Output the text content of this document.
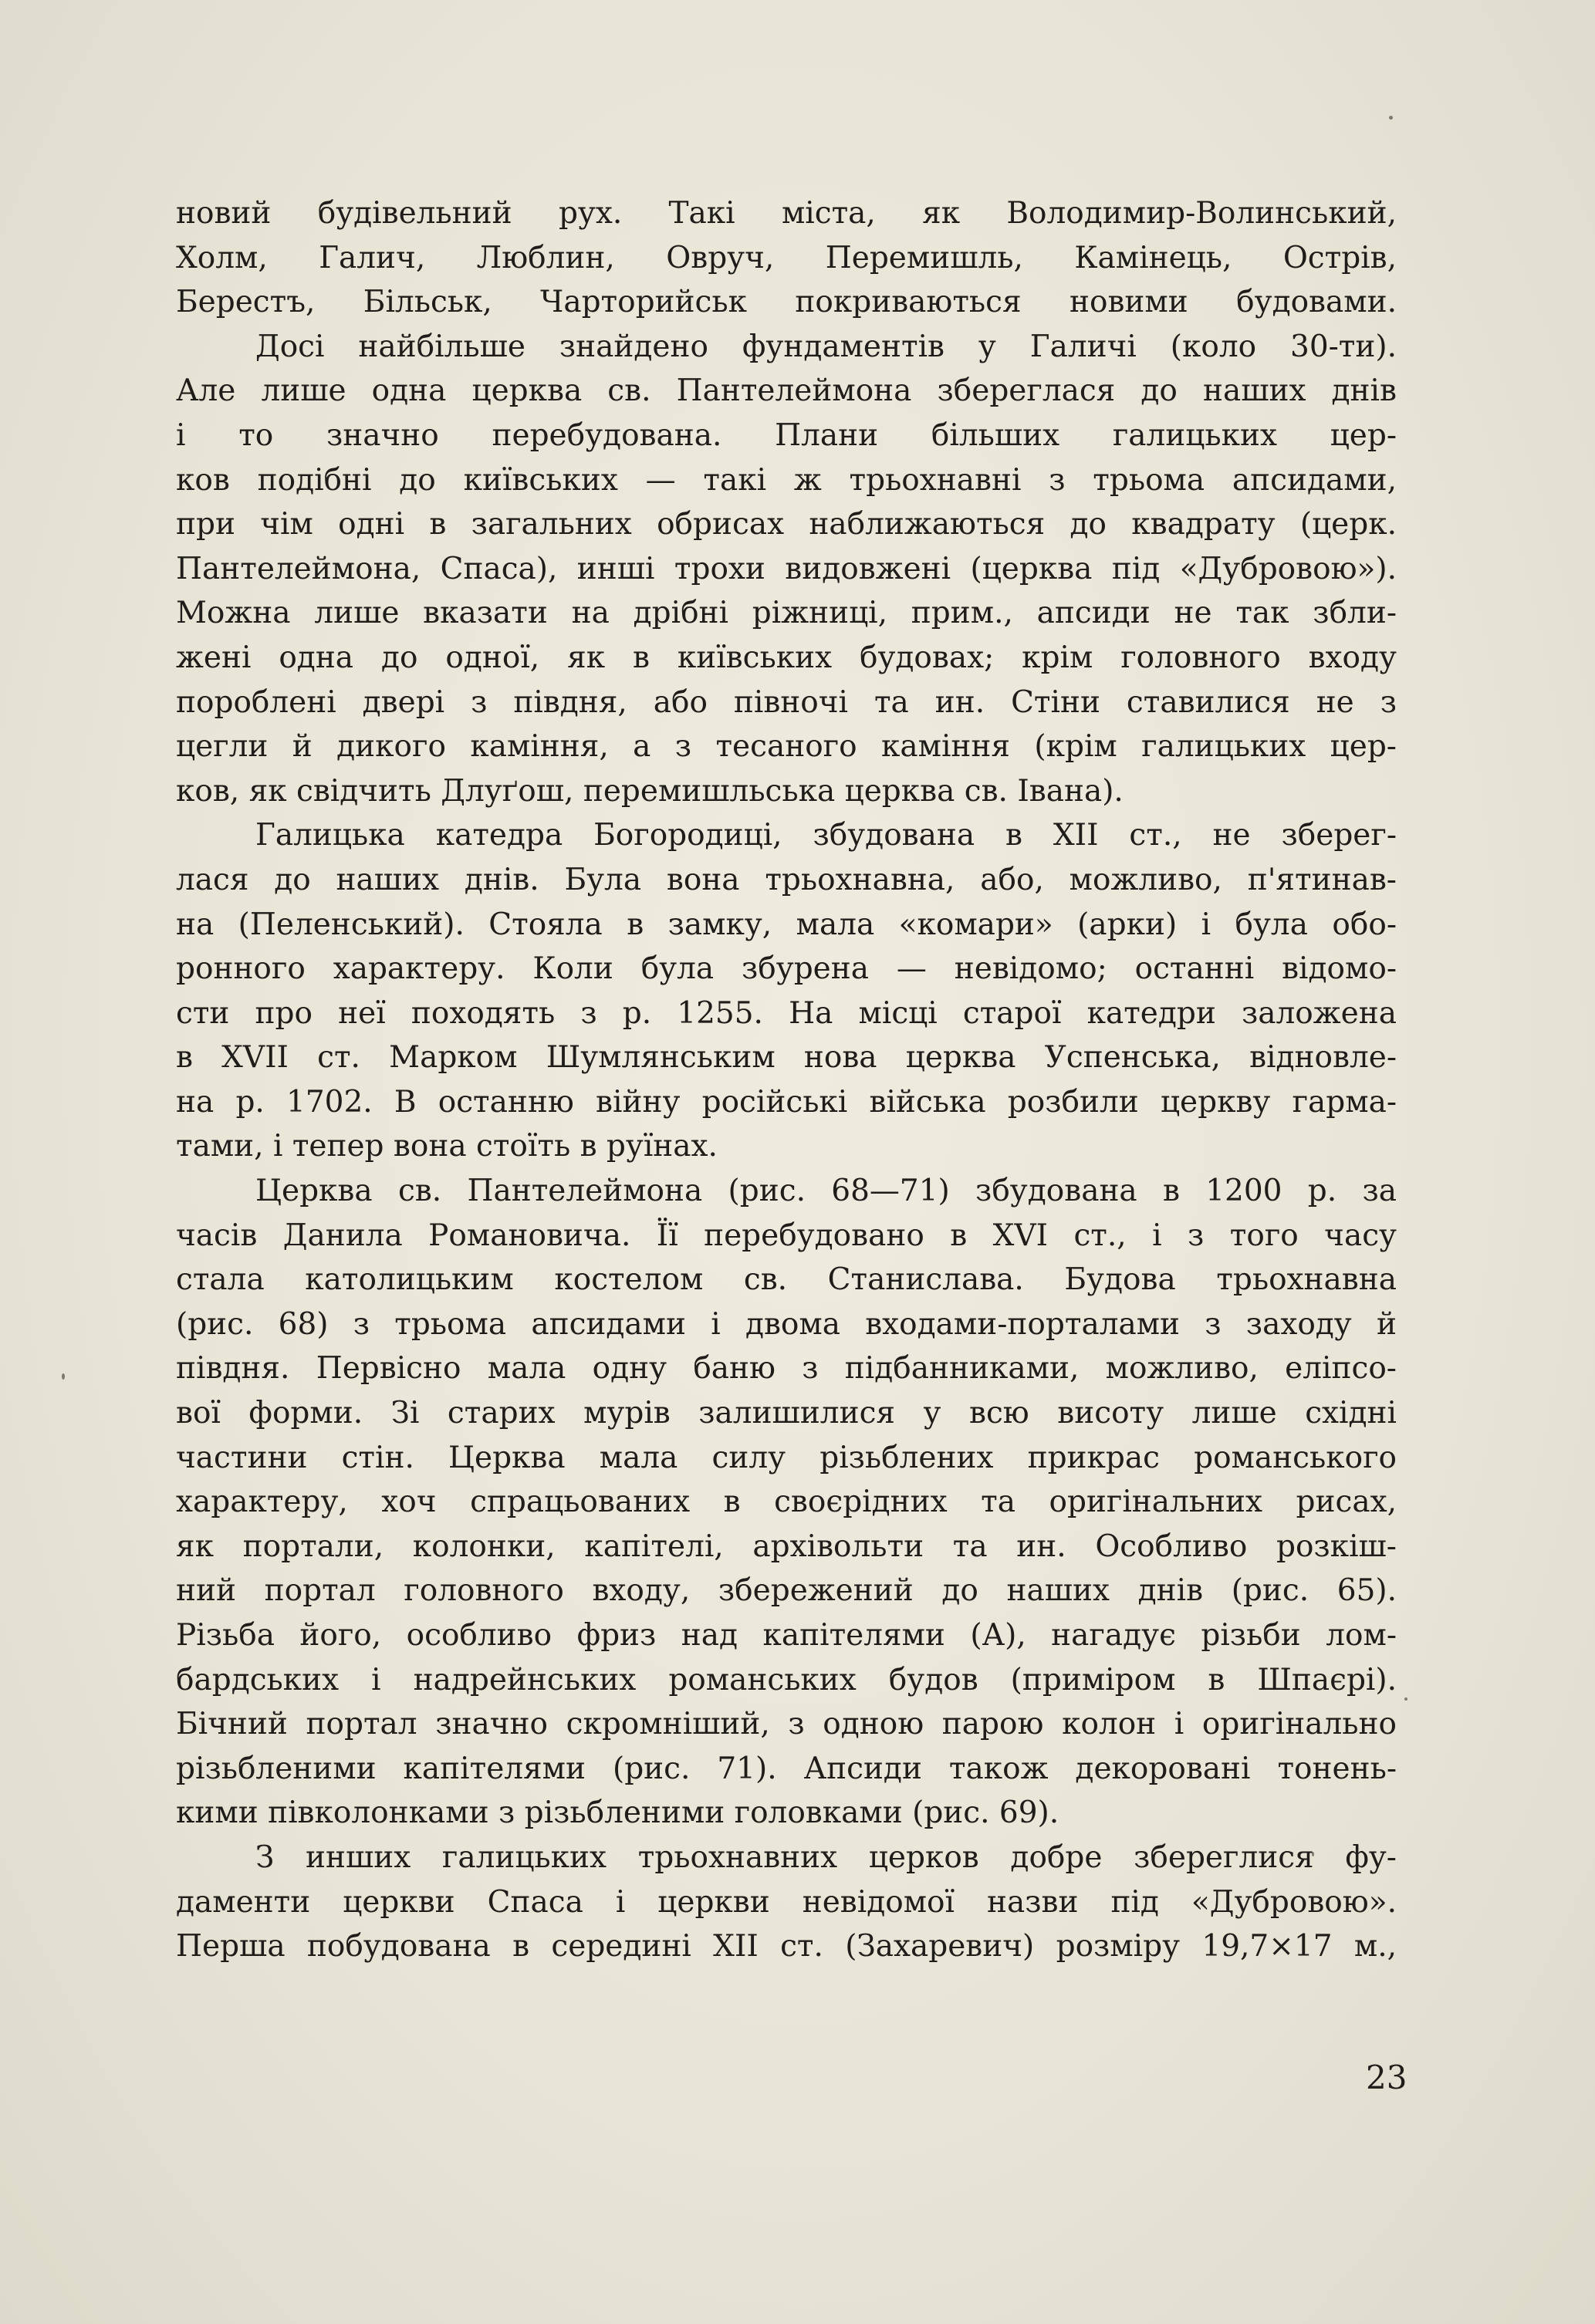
новий будівельний рух. Такі міста, як Володимир-Волинський,
Холм, Галич, Люблин, Овруч, Перемишль, Камінець, Острів,
Берестъ, Більськ, Чарторийськ покриваються новими будовами.

Досі найбільше знайдено фундаментів у Галичі (коло 30-ти).
Але лише одна церква св. Пантелеймона збереглася до наших днів
і то значно перебудована. Плани більших галицьких цер-
ков подібні до київських — такі ж трьохнавні з трьома апсидами,
при чім одні в загальних обрисах наближаються до квадрату (церк.
Пантелеймона, Спаса), инші трохи видовжені (церква під «Дубровою»).
Можна лише вказати на дрібні ріжниці, прим., апсиди не так збли-
жені одна до одної, як в київських будовах; крім головного входу
пороблені двері з півдня, або півночі та ин. Стіни ставилися не з
цегли й дикого каміння, а з тесаного каміння (крім галицьких цер-
ков, як свідчить Длуґош, перемишльська церква св. Івана).

Галицька катедра Богородиці, збудована в XII ст., не зберег-
лася до наших днів. Була вона трьохнавна, або, можливо, п'ятинав-
на (Пеленський). Стояла в замку, мала «комари» (арки) і була обо-
ронного характеру. Коли була збурена — невідомо; останні відомо-
сти про неї походять з р. 1255. На місці старої катедри заложена
в XVII ст. Марком Шумлянським нова церква Успенська, відновле-
на р. 1702. В останню війну російські війська розбили церкву гарма-
тами, і тепер вона стоїть в руїнах.

Церква св. Пантелеймона (рис. 68—71) збудована в 1200 р. за
часів Данила Романовича. Її перебудовано в XVI ст., і з того часу
стала католицьким костелом св. Станислава. Будова трьохнавна
(рис. 68) з трьома апсидами і двома входами-порталами з заходу й
півдня. Первісно мала одну баню з підбанниками, можливо, еліпсо-
вої форми. Зі старих мурів залишилися у всю висоту лише східні
частини стін. Церква мала силу різьблених прикрас романського
характеру, хоч спрацьованих в своєрідних та оригінальних рисах,
як портали, колонки, капітелі, архівольти та ин. Особливо розкіш-
ний портал головного входу, збережений до наших днів (рис. 65).
Різьба його, особливо фриз над капітелями (А), нагадує різьби лом-
бардських і надрейнських романських будов (приміром в Шпаєрі).
Бічний портал значно скромніший, з одною парою колон і оригінально
різьбленими капітелями (рис. 71). Апсиди також декоровані тонень-
кими півколонками з різьбленими головками (рис. 69).

З инших галицьких трьохнавних церков добре збереглися фу-
даменти церкви Спаса і церкви невідомої назви під «Дубровою».
Перша побудована в середині XII ст. (Захаревич) розміру 19,7×17 м.,

23
